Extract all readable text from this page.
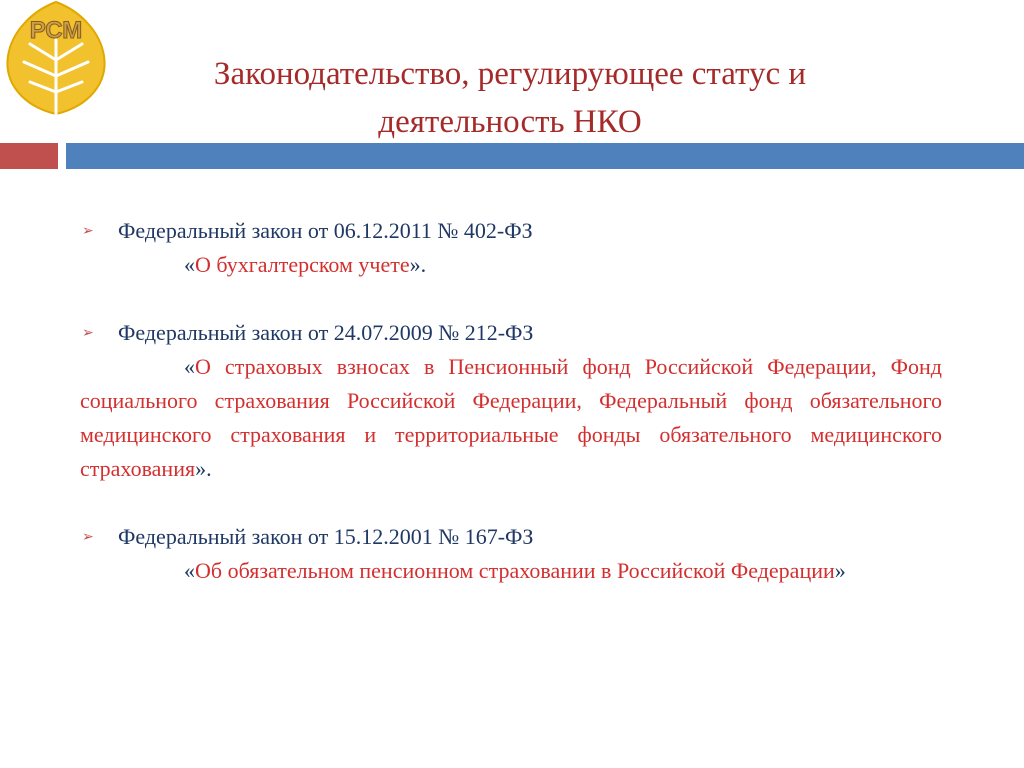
РСМ
Законодательство, регулирующее статус и
деятельность НКО
➢ Федеральный закон от 06.12.2011 № 402-ФЗ
«О бухгалтерском учете».
➢ Федеральный закон от 24.07.2009 № 212-ФЗ
«О страховых взносах в Пенсионный фонд Российской Федерации, Фонд социального страхования Российской Федерации, Федеральный фонд обязательного медицинского страхования и территориальные фонды обязательного медицинского страхования».
➢ Федеральный закон от 15.12.2001 № 167-ФЗ
«Об обязательном пенсионном страховании в Российской Федерации»
